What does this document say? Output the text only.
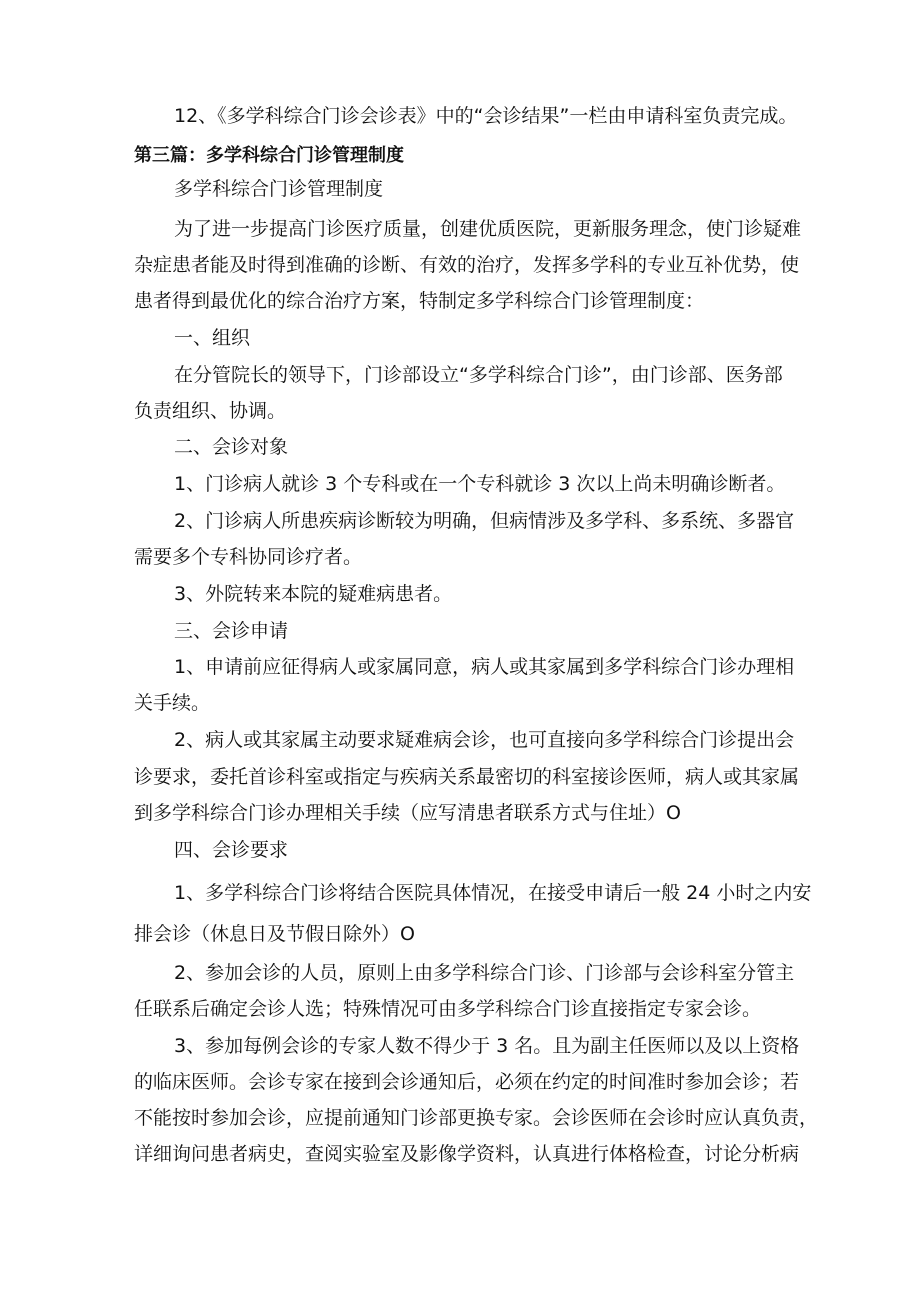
12、《多学科综合门诊会诊表》中的“会诊结果”一栏由申请科室负责完成。
第三篇：多学科综合门诊管理制度
多学科综合门诊管理制度
为了进一步提高门诊医疗质量，创建优质医院，更新服务理念，使门诊疑难
杂症患者能及时得到准确的诊断、有效的治疗，发挥多学科的专业互补优势，使
患者得到最优化的综合治疗方案，特制定多学科综合门诊管理制度：
一、组织
在分管院长的领导下，门诊部设立“多学科综合门诊”，由门诊部、医务部
负责组织、协调。
二、会诊对象
1、门诊病人就诊 3 个专科或在一个专科就诊 3 次以上尚未明确诊断者。
2、门诊病人所患疾病诊断较为明确，但病情涉及多学科、多系统、多器官
需要多个专科协同诊疗者。
3、外院转来本院的疑难病患者。
三、会诊申请
1、申请前应征得病人或家属同意，病人或其家属到多学科综合门诊办理相
关手续。
2、病人或其家属主动要求疑难病会诊，也可直接向多学科综合门诊提出会
诊要求，委托首诊科室或指定与疾病关系最密切的科室接诊医师，病人或其家属
到多学科综合门诊办理相关手续（应写清患者联系方式与住址）O
四、会诊要求
1、多学科综合门诊将结合医院具体情况，在接受申请后一般 24 小时之内安
排会诊（休息日及节假日除外）O
2、参加会诊的人员，原则上由多学科综合门诊、门诊部与会诊科室分管主
任联系后确定会诊人选；特殊情况可由多学科综合门诊直接指定专家会诊。
3、参加每例会诊的专家人数不得少于 3 名。且为副主任医师以及以上资格
的临床医师。会诊专家在接到会诊通知后，必须在约定的时间准时参加会诊；若
不能按时参加会诊，应提前通知门诊部更换专家。会诊医师在会诊时应认真负责，
详细询问患者病史，查阅实验室及影像学资料，认真进行体格检查，讨论分析病
